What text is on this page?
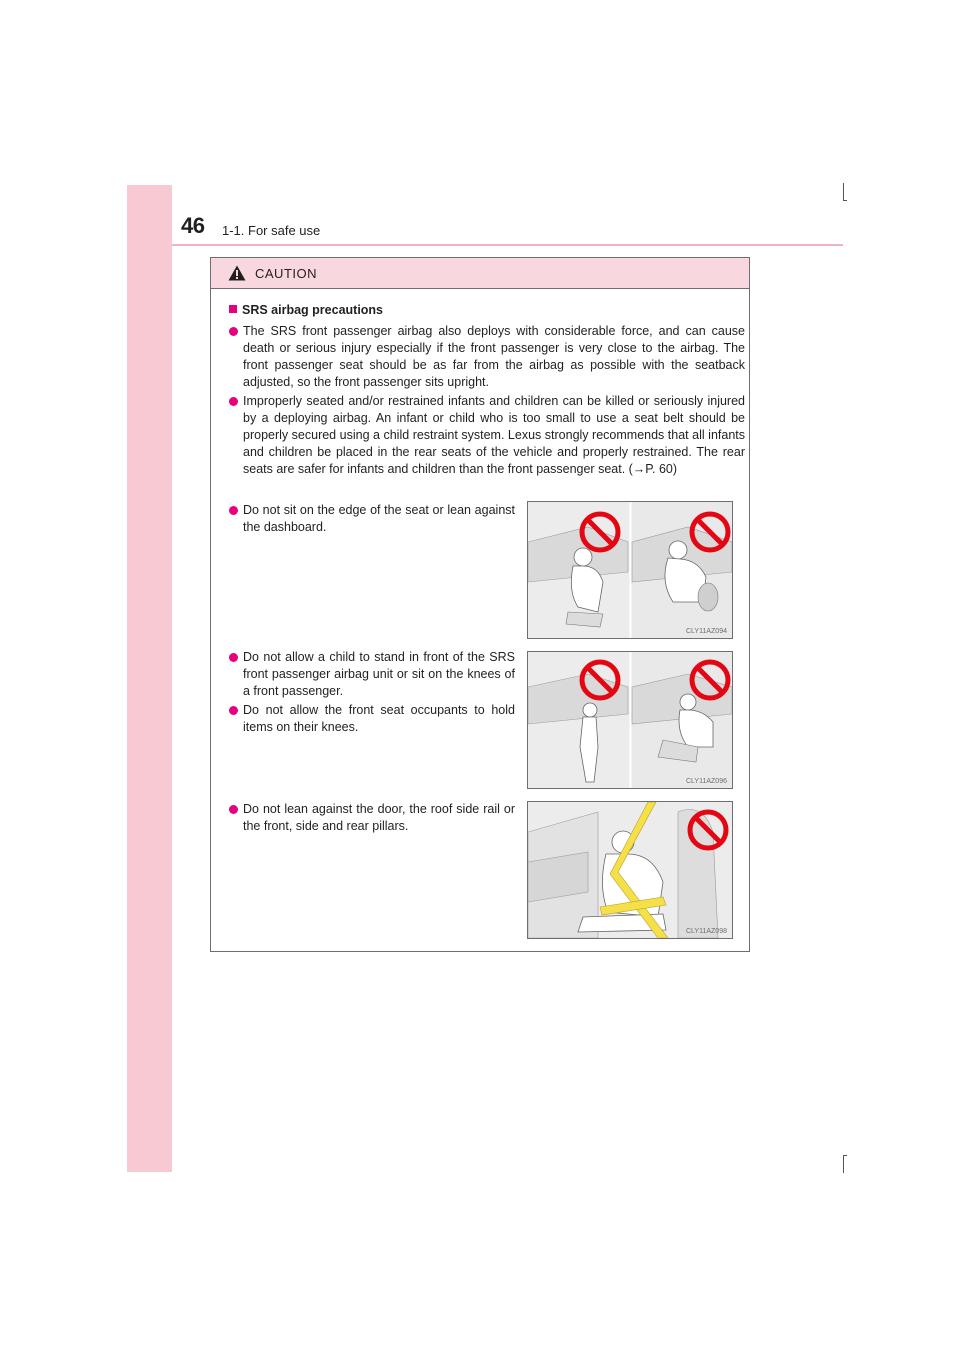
46 1-1. For safe use
CAUTION
SRS airbag precautions
The SRS front passenger airbag also deploys with considerable force, and can cause death or serious injury especially if the front passenger is very close to the airbag. The front passenger seat should be as far from the airbag as possible with the seatback adjusted, so the front passenger sits upright.
Improperly seated and/or restrained infants and children can be killed or seriously injured by a deploying airbag. An infant or child who is too small to use a seat belt should be properly secured using a child restraint system. Lexus strongly recommends that all infants and children be placed in the rear seats of the vehicle and properly restrained. The rear seats are safer for infants and children than the front passenger seat. (→P. 60)
Do not sit on the edge of the seat or lean against the dashboard.
Do not allow a child to stand in front of the SRS front passenger airbag unit or sit on the knees of a front passenger.
Do not allow the front seat occupants to hold items on their knees.
Do not lean against the door, the roof side rail or the front, side and rear pillars.
CLY11AZ094
CLY11AZ096
CLY11AZ098
